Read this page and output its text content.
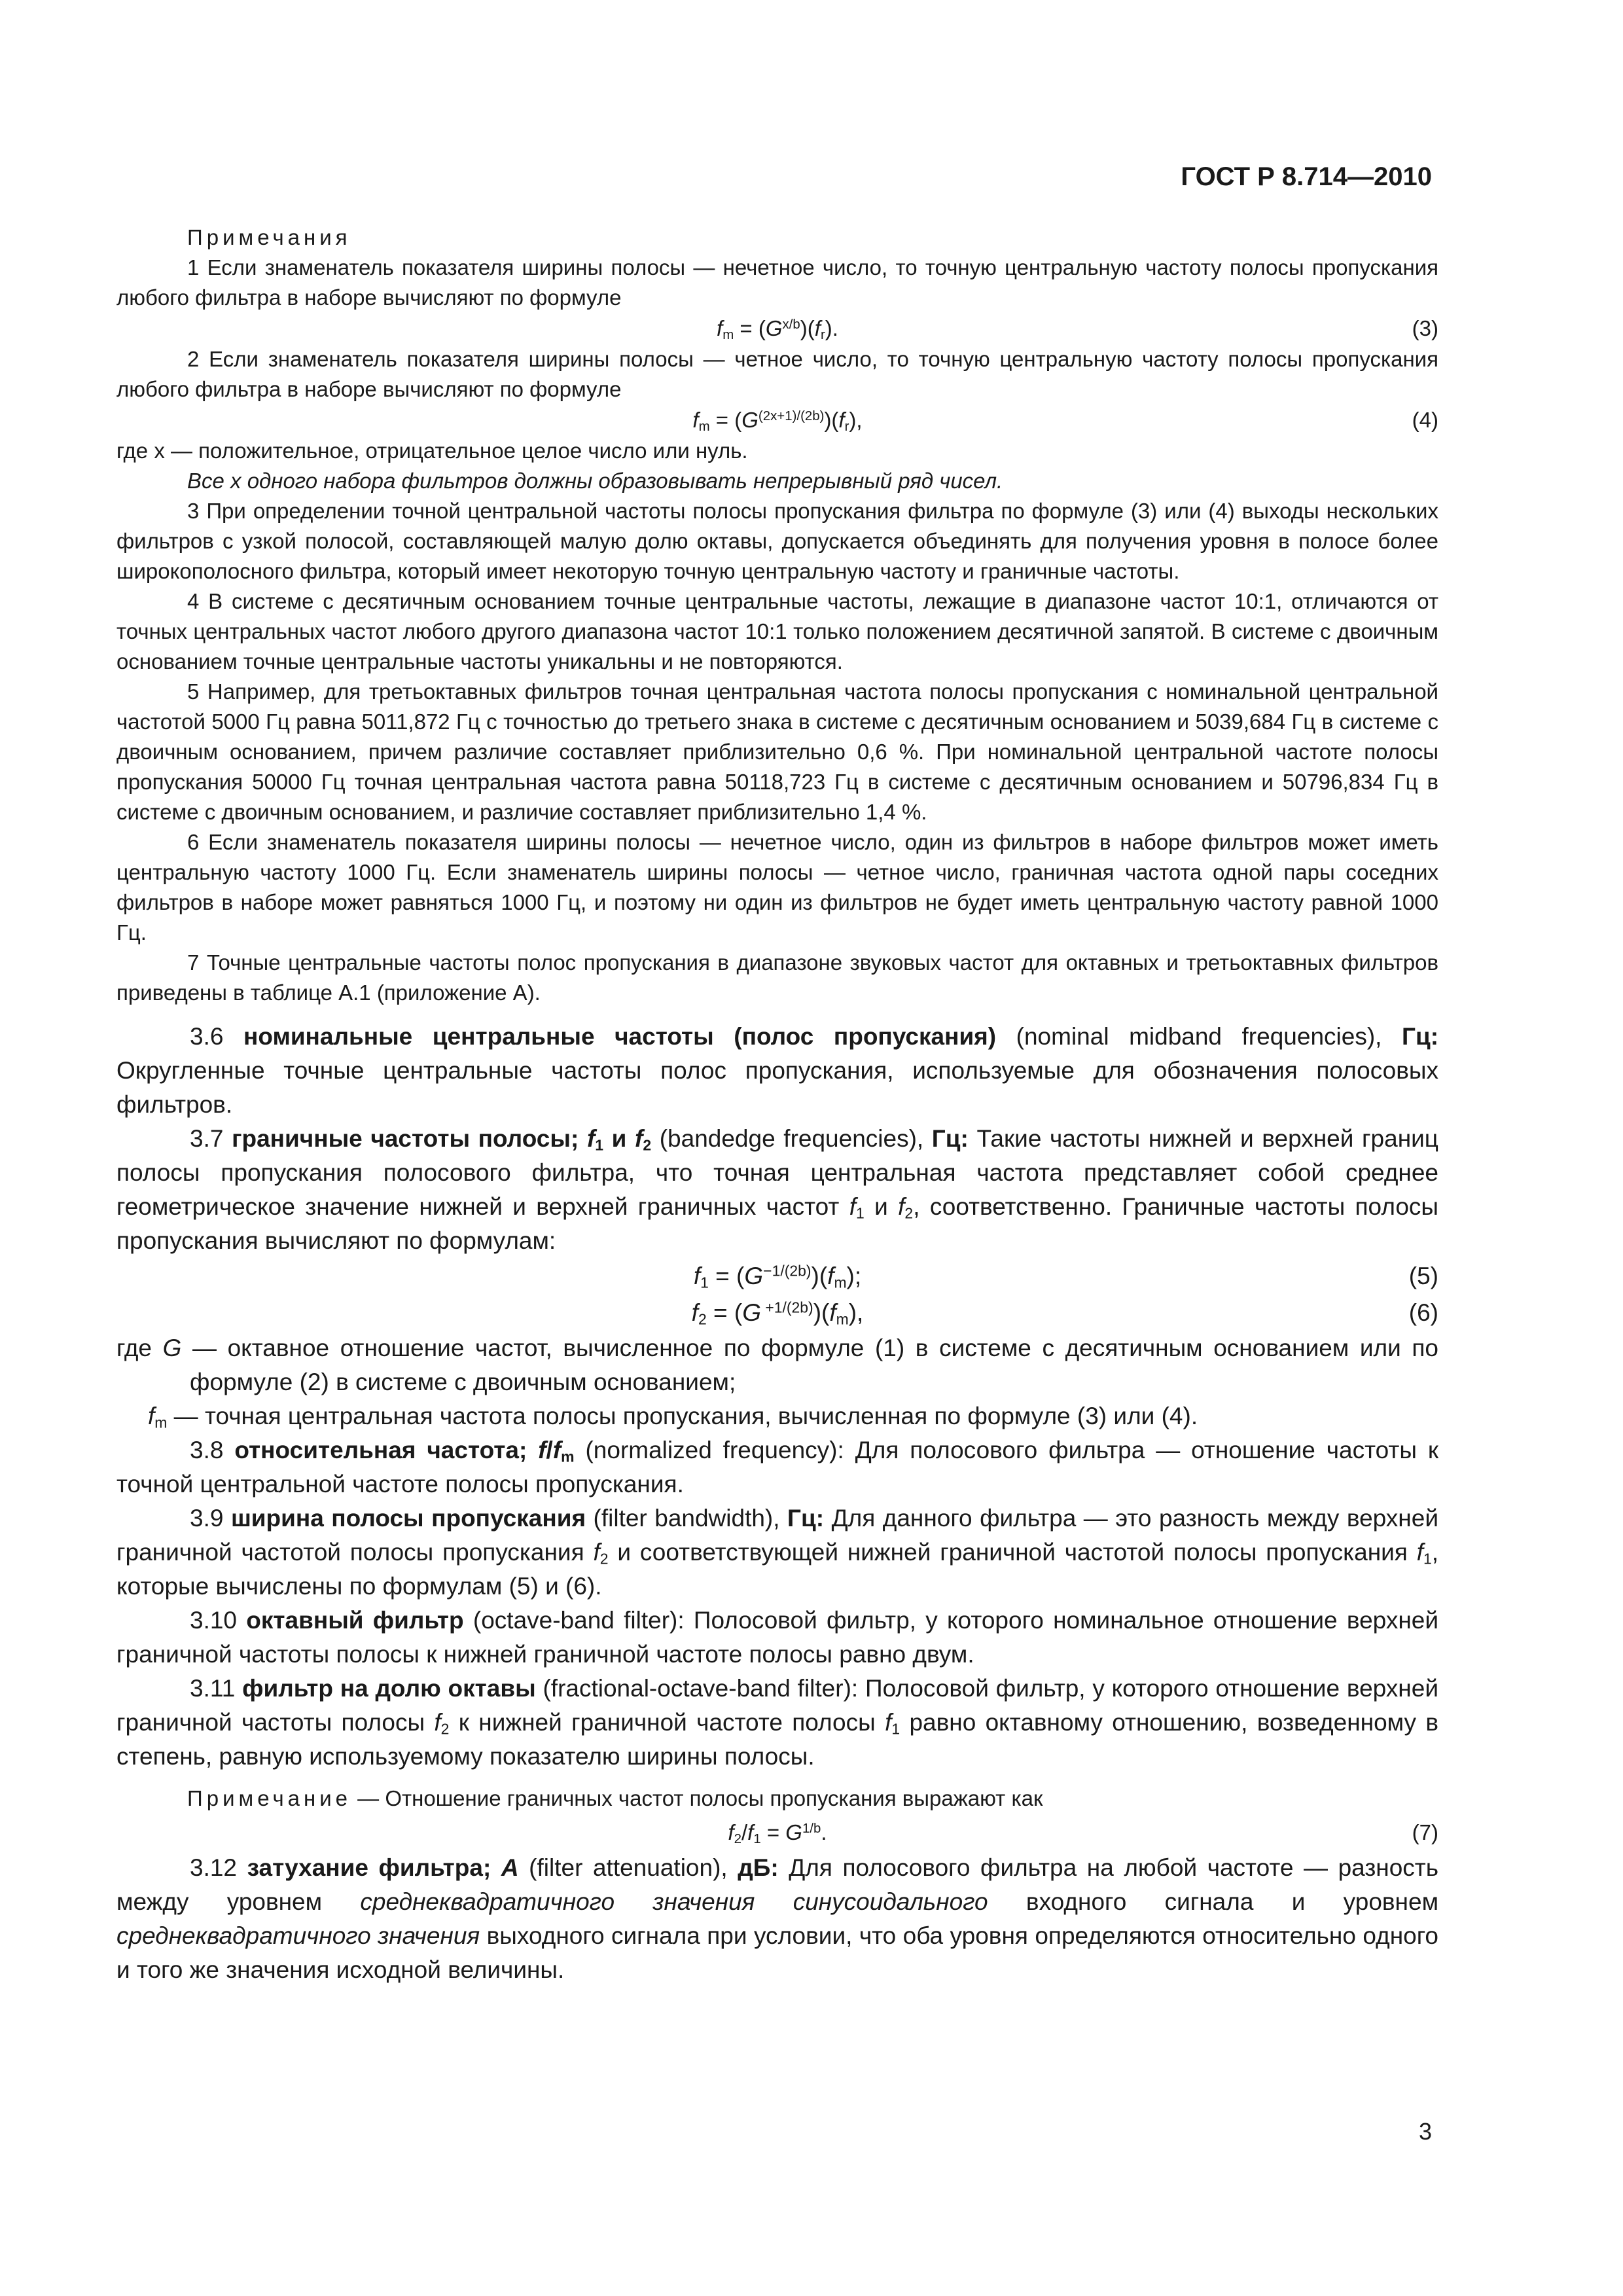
ГОСТ Р 8.714—2010

Примечания

1 Если знаменатель показателя ширины полосы — нечетное число, то точную центральную частоту полосы пропускания любого фильтра в наборе вычисляют по формуле

$f_m = (G^{x/b})(f_r)$.	(3)

2 Если знаменатель показателя ширины полосы — четное число, то точную центральную частоту полосы пропускания любого фильтра в наборе вычисляют по формуле

$f_m = (G^{(2x+1)/(2b)})(f_r)$,	(4)

где x — положительное, отрицательное целое число или нуль.

Все x одного набора фильтров должны образовывать непрерывный ряд чисел.

3 При определении точной центральной частоты полосы пропускания фильтра по формуле (3) или (4) выходы нескольких фильтров с узкой полосой, составляющей малую долю октавы, допускается объединять для получения уровня в полосе более широкополосного фильтра, который имеет некоторую точную центральную частоту и граничные частоты.

4 В системе с десятичным основанием точные центральные частоты, лежащие в диапазоне частот 10:1, отличаются от точных центральных частот любого другого диапазона частот 10:1 только положением десятичной запятой. В системе с двоичным основанием точные центральные частоты уникальны и не повторяются.

5 Например, для третьоктавных фильтров точная центральная частота полосы пропускания с номинальной центральной частотой 5000 Гц равна 5011,872 Гц с точностью до третьего знака в системе с десятичным основанием и 5039,684 Гц в системе с двоичным основанием, причем различие составляет приблизительно 0,6 %. При номинальной центральной частоте полосы пропускания 50000 Гц точная центральная частота равна 50118,723 Гц в системе с десятичным основанием и 50796,834 Гц в системе с двоичным основанием, и различие составляет приблизительно 1,4 %.

6 Если знаменатель показателя ширины полосы — нечетное число, один из фильтров в наборе фильтров может иметь центральную частоту 1000 Гц. Если знаменатель ширины полосы — четное число, граничная частота одной пары соседних фильтров в наборе может равняться 1000 Гц, и поэтому ни один из фильтров не будет иметь центральную частоту равной 1000 Гц.

7 Точные центральные частоты полос пропускания в диапазоне звуковых частот для октавных и третьоктавных фильтров приведены в таблице А.1 (приложение А).

3.6 номинальные центральные частоты (полос пропускания) (nominal midband frequencies), Гц: Округленные точные центральные частоты полос пропускания, используемые для обозначения полосовых фильтров.

3.7 граничные частоты полосы; $f_1$ и $f_2$ (bandedge frequencies), Гц: Такие частоты нижней и верхней границ полосы пропускания полосового фильтра, что точная центральная частота представляет собой среднее геометрическое значение нижней и верхней граничных частот $f_1$ и $f_2$, соответственно. Граничные частоты полосы пропускания вычисляют по формулам:

$f_1 = (G^{-1/(2b)})(f_m)$;	(5)
$f_2 = (G$ $^{+1/(2b)})(f_m)$,	(6)

где G — октавное отношение частот, вычисленное по формуле (1) в системе с десятичным основанием или по формуле (2) в системе с двоичным основанием;

$f_m$ — точная центральная частота полосы пропускания, вычисленная по формуле (3) или (4).

3.8 относительная частота; $f/f_m$ (normalized frequency): Для полосового фильтра — отношение частоты к точной центральной частоте полосы пропускания.

3.9 ширина полосы пропускания (filter bandwidth), Гц: Для данного фильтра — это разность между верхней граничной частотой полосы пропускания $f_2$ и соответствующей нижней граничной частотой полосы пропускания $f_1$, которые вычислены по формулам (5) и (6).

3.10 октавный фильтр (octave-band filter): Полосовой фильтр, у которого номинальное отношение верхней граничной частоты полосы к нижней граничной частоте полосы равно двум.

3.11 фильтр на долю октавы (fractional-octave-band filter): Полосовой фильтр, у которого отношение верхней граничной частоты полосы $f_2$ к нижней граничной частоте полосы $f_1$ равно октавному отношению, возведенному в степень, равную используемому показателю ширины полосы.

Примечание — Отношение граничных частот полосы пропускания выражают как

$f_2/f_1 = G^{1/b}$.	(7)

3.12 затухание фильтра; A (filter attenuation), дБ: Для полосового фильтра на любой частоте — разность между уровнем среднеквадратичного значения синусоидального входного сигнала и уровнем среднеквадратичного значения выходного сигнала при условии, что оба уровня определяются относительно одного и того же значения исходной величины.

3
